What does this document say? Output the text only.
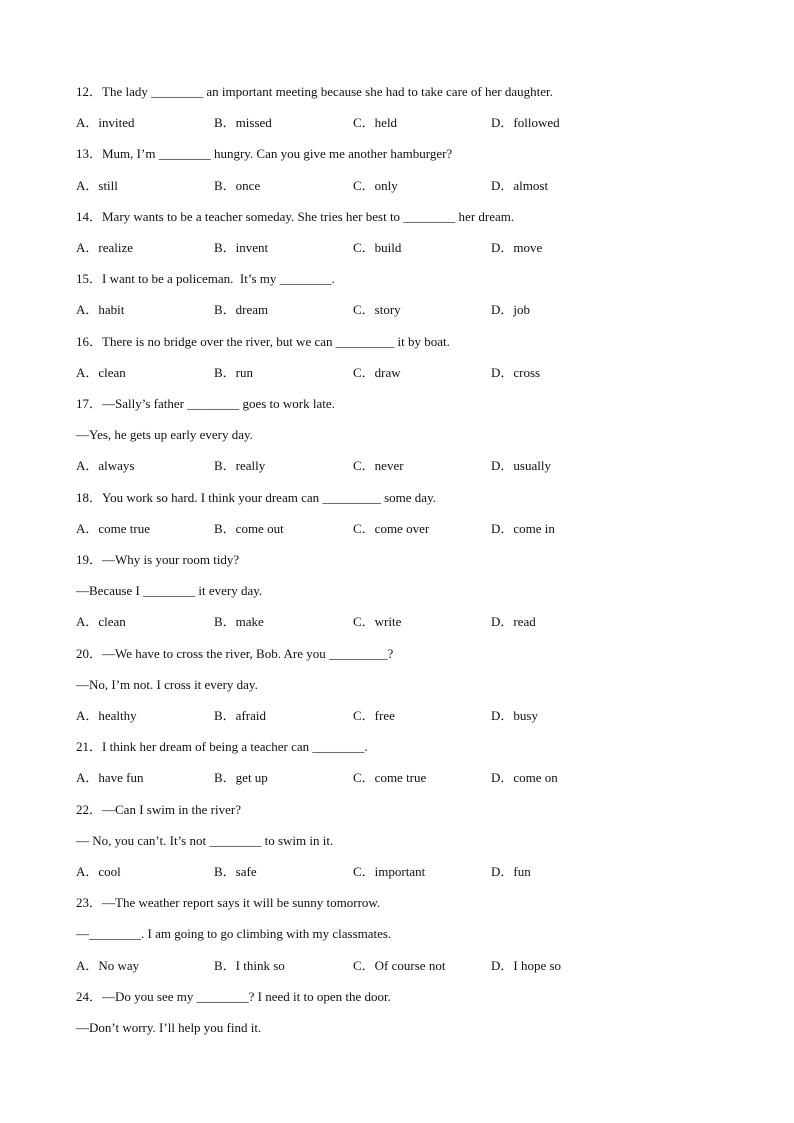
12．The lady ________ an important meeting because she had to take care of her daughter.
A．invited	B．missed	C．held	D．followed
13．Mum, I’m ________ hungry. Can you give me another hamburger?
A．still	B．once	C．only	D．almost
14．Mary wants to be a teacher someday. She tries her best to ________ her dream.
A．realize	B．invent	C．build	D．move
15．I want to be a policeman.  It’s my ________.
A．habit	B．dream	C．story	D．job
16．There is no bridge over the river, but we can _________ it by boat.
A．clean	B．run	C．draw	D．cross
17．—Sally’s father ________ goes to work late.
—Yes, he gets up early every day.
A．always	B．really	C．never	D．usually
18．You work so hard. I think your dream can _________ some day.
A．come true	B．come out	C．come over	D．come in
19．—Why is your room tidy?
—Because I ________ it every day.
A．clean	B．make	C．write	D．read
20．—We have to cross the river, Bob. Are you _________?
—No, I’m not. I cross it every day.
A．healthy	B．afraid	C．free	D．busy
21．I think her dream of being a teacher can ________.
A．have fun	B．get up	C．come true	D．come on
22．—Can I swim in the river?
— No, you can’t. It’s not ________ to swim in it.
A．cool	B．safe	C．important	D．fun
23．—The weather report says it will be sunny tomorrow.
—________. I am going to go climbing with my classmates.
A．No way	B．I think so	C．Of course not	D．I hope so
24．—Do you see my ________? I need it to open the door.
—Don’t worry. I’ll help you find it.
